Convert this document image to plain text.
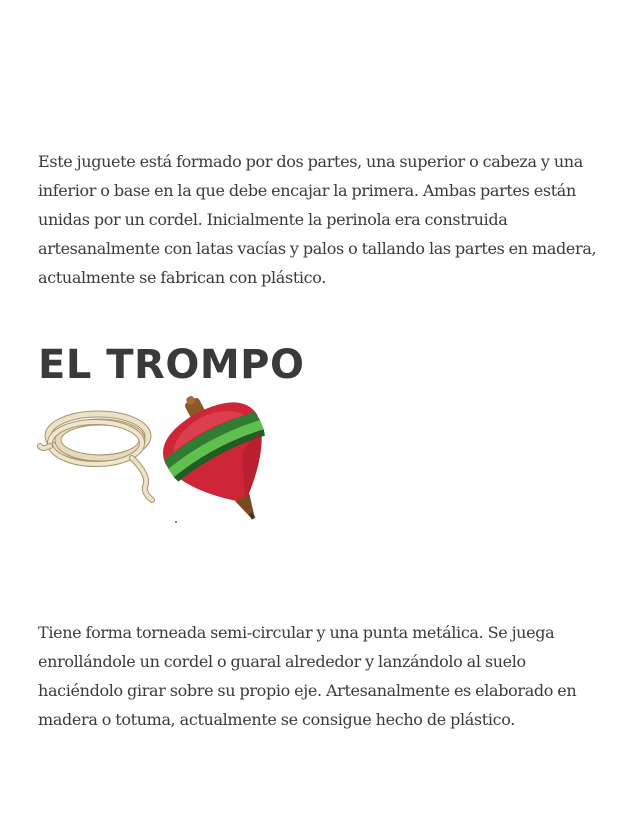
Este juguete está formado por dos partes, una superior o cabeza y una inferior o base en la que debe encajar la primera. Ambas partes están unidas por un cordel. Inicialmente la perinola era construida artesanalmente con latas vacías y palos o tallando las partes en madera, actualmente se fabrican con plástico.

EL TROMPO

Tiene forma torneada semi-circular y una punta metálica. Se juega enrollándole un cordel o guaral alrededor y lanzándolo al suelo haciéndolo girar sobre su propio eje. Artesanalmente es elaborado en madera o totuma, actualmente se consigue hecho de plástico.
